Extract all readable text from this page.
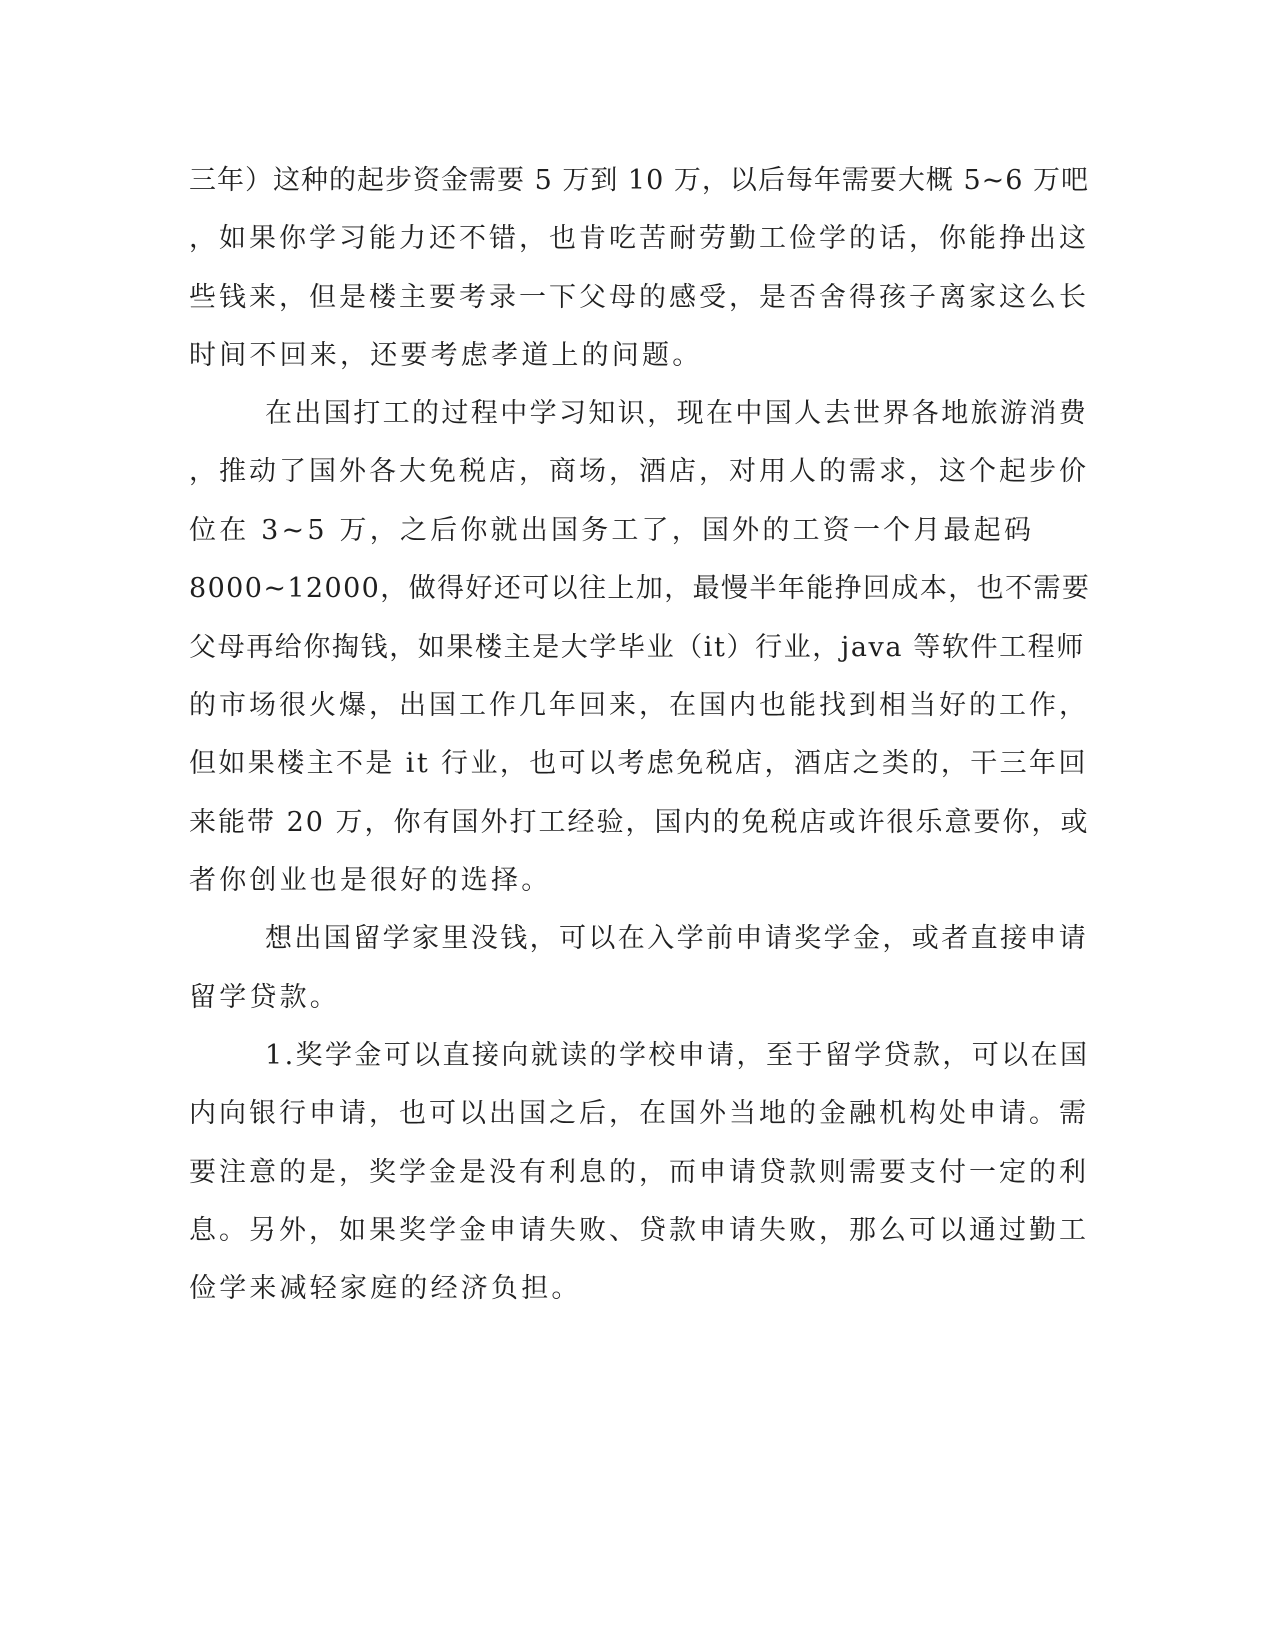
三年）这种的起步资金需要 5 万到 10 万，以后每年需要大概 5~6 万吧
，如果你学习能力还不错，也肯吃苦耐劳勤工俭学的话，你能挣出这
些钱来，但是楼主要考录一下父母的感受，是否舍得孩子离家这么长
时间不回来，还要考虑孝道上的问题。
在出国打工的过程中学习知识，现在中国人去世界各地旅游消费
，推动了国外各大免税店，商场，酒店，对用人的需求，这个起步价
位在 3~5 万，之后你就出国务工了，国外的工资一个月最起码
8000~12000，做得好还可以往上加，最慢半年能挣回成本，也不需要
父母再给你掏钱，如果楼主是大学毕业（it）行业，java 等软件工程师
的市场很火爆，出国工作几年回来，在国内也能找到相当好的工作，
但如果楼主不是 it 行业，也可以考虑免税店，酒店之类的，干三年回
来能带 20 万，你有国外打工经验，国内的免税店或许很乐意要你，或
者你创业也是很好的选择。
想出国留学家里没钱，可以在入学前申请奖学金，或者直接申请
留学贷款。
1.奖学金可以直接向就读的学校申请，至于留学贷款，可以在国
内向银行申请，也可以出国之后，在国外当地的金融机构处申请。需
要注意的是，奖学金是没有利息的，而申请贷款则需要支付一定的利
息。另外，如果奖学金申请失败、贷款申请失败，那么可以通过勤工
俭学来减轻家庭的经济负担。
